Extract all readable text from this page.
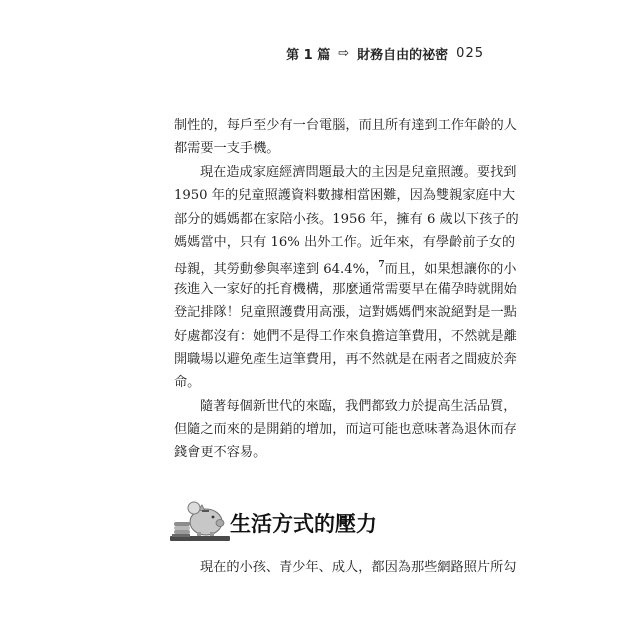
第 1 篇 ⇨ 財務自由的祕密 025
制性的，每戶至少有一台電腦，而且所有達到工作年齡的人
都需要一支手機。
現在造成家庭經濟問題最大的主因是兒童照護。要找到
1950 年的兒童照護資料數據相當困難，因為雙親家庭中大
部分的媽媽都在家陪小孩。1956 年，擁有 6 歲以下孩子的
媽媽當中，只有 16% 出外工作。近年來，有學齡前子女的
母親，其勞動參與率達到 64.4%，$^7$而且，如果想讓你的小
孩進入一家好的托育機構，那麼通常需要早在備孕時就開始
登記排隊！兒童照護費用高漲，這對媽媽們來說絕對是一點
好處都沒有：她們不是得工作來負擔這筆費用，不然就是離
開職場以避免產生這筆費用，再不然就是在兩者之間疲於奔
命。
隨著每個新世代的來臨，我們都致力於提高生活品質，
但隨之而來的是開銷的增加，而這可能也意味著為退休而存
錢會更不容易。
生活方式的壓力
現在的小孩、青少年、成人，都因為那些網路照片所勾
